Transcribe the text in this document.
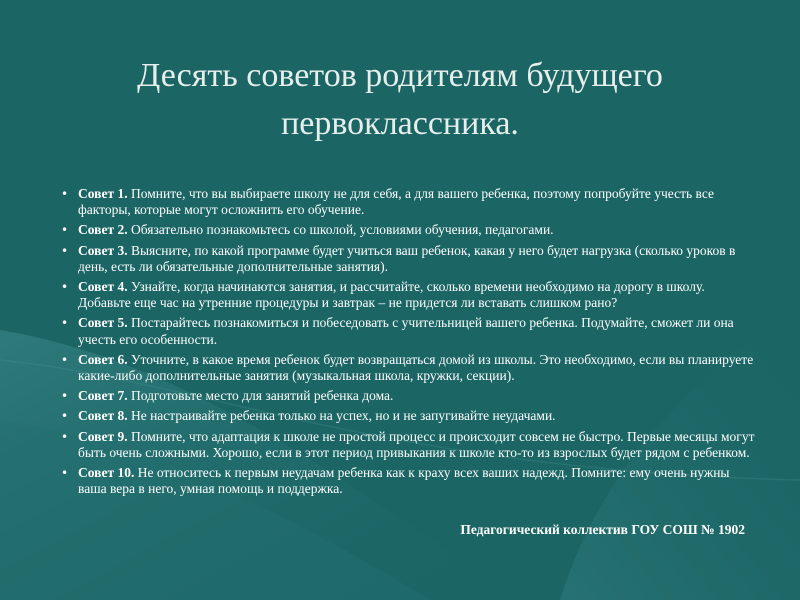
Десять советов родителям будущего
первоклассника.
• Совет 1. Помните, что вы выбираете школу не для себя, а для вашего ребенка, поэтому попробуйте учесть все факторы, которые могут осложнить его обучение.
• Совет 2. Обязательно познакомьтесь со школой, условиями обучения, педагогами.
• Совет 3. Выясните, по какой программе будет учиться ваш ребенок, какая у него будет нагрузка (сколько уроков в день, есть ли обязательные дополнительные занятия).
• Совет 4. Узнайте, когда начинаются занятия, и рассчитайте, сколько времени необходимо на дорогу в школу. Добавьте еще час на утренние процедуры и завтрак – не придется ли вставать слишком рано?
• Совет 5. Постарайтесь познакомиться и побеседовать с учительницей вашего ребенка. Подумайте, сможет ли она учесть его особенности.
• Совет 6. Уточните, в какое время ребенок будет возвращаться домой из школы. Это необходимо, если вы планируете какие-либо дополнительные занятия (музыкальная школа, кружки, секции).
• Совет 7. Подготовьте место для занятий ребенка дома.
• Совет 8. Не настраивайте ребенка только на успех, но и не запугивайте неудачами.
• Совет 9. Помните, что адаптация к школе не простой процесс и происходит совсем не быстро. Первые месяцы могут быть очень сложными. Хорошо, если в этот период привыкания к школе кто-то из взрослых будет рядом с ребенком.
• Совет 10. Не относитесь к первым неудачам ребенка как к краху всех ваших надежд. Помните: ему очень нужны ваша вера в него, умная помощь и поддержка.
Педагогический коллектив ГОУ СОШ № 1902
